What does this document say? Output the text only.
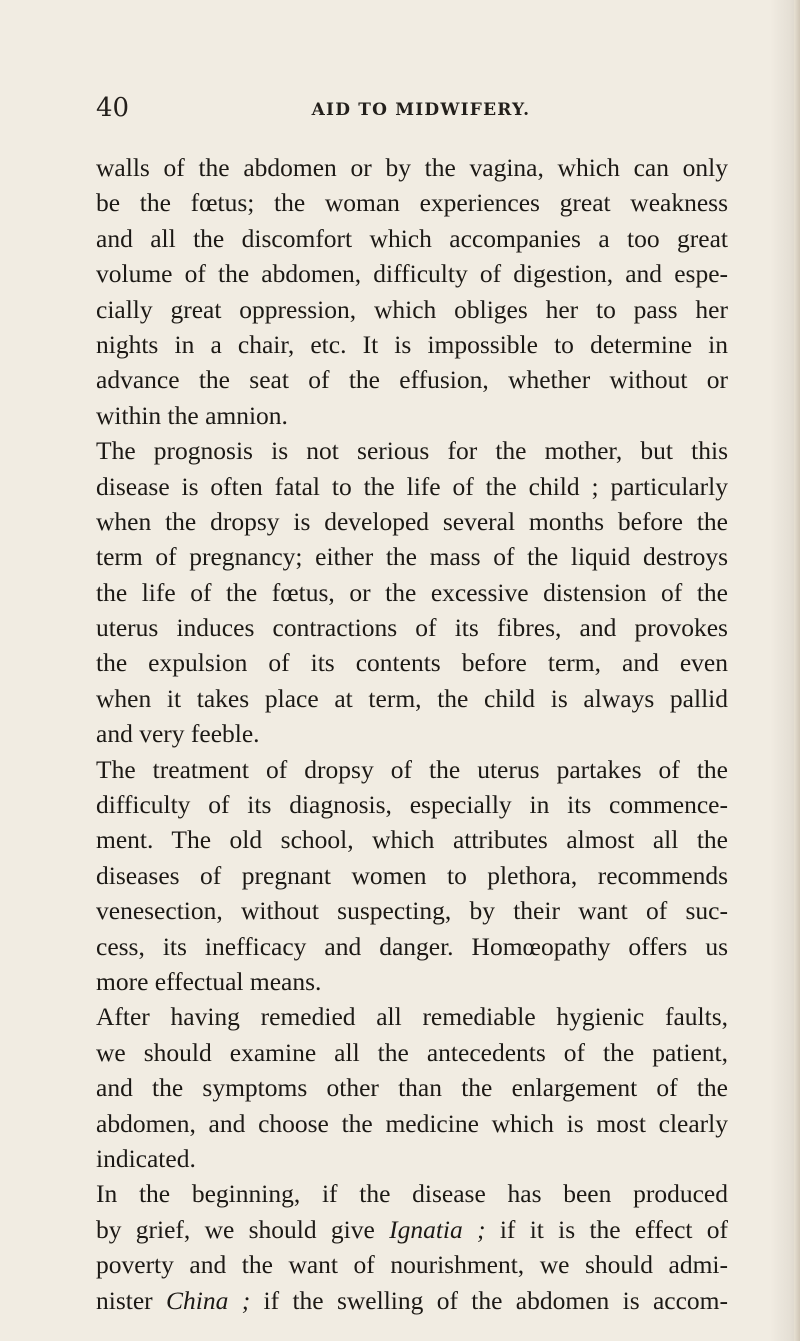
40	AID TO MIDWIFERY.
walls of the abdomen or by the vagina, which can only
be the fœtus; the woman experiences great weakness
and all the discomfort which accompanies a too great
volume of the abdomen, difficulty of digestion, and espe-
cially great oppression, which obliges her to pass her
nights in a chair, etc. It is impossible to determine in
advance the seat of the effusion, whether without or
within the amnion.
The prognosis is not serious for the mother, but this
disease is often fatal to the life of the child ; particularly
when the dropsy is developed several months before the
term of pregnancy; either the mass of the liquid destroys
the life of the fœtus, or the excessive distension of the
uterus induces contractions of its fibres, and provokes
the expulsion of its contents before term, and even
when it takes place at term, the child is always pallid
and very feeble.
The treatment of dropsy of the uterus partakes of the
difficulty of its diagnosis, especially in its commence-
ment. The old school, which attributes almost all the
diseases of pregnant women to plethora, recommends
venesection, without suspecting, by their want of suc-
cess, its inefficacy and danger. Homœopathy offers us
more effectual means.
After having remedied all remediable hygienic faults,
we should examine all the antecedents of the patient,
and the symptoms other than the enlargement of the
abdomen, and choose the medicine which is most clearly
indicated.
In the beginning, if the disease has been produced
by grief, we should give Ignatia ; if it is the effect of
poverty and the want of nourishment, we should admi-
nister China ; if the swelling of the abdomen is accom-
